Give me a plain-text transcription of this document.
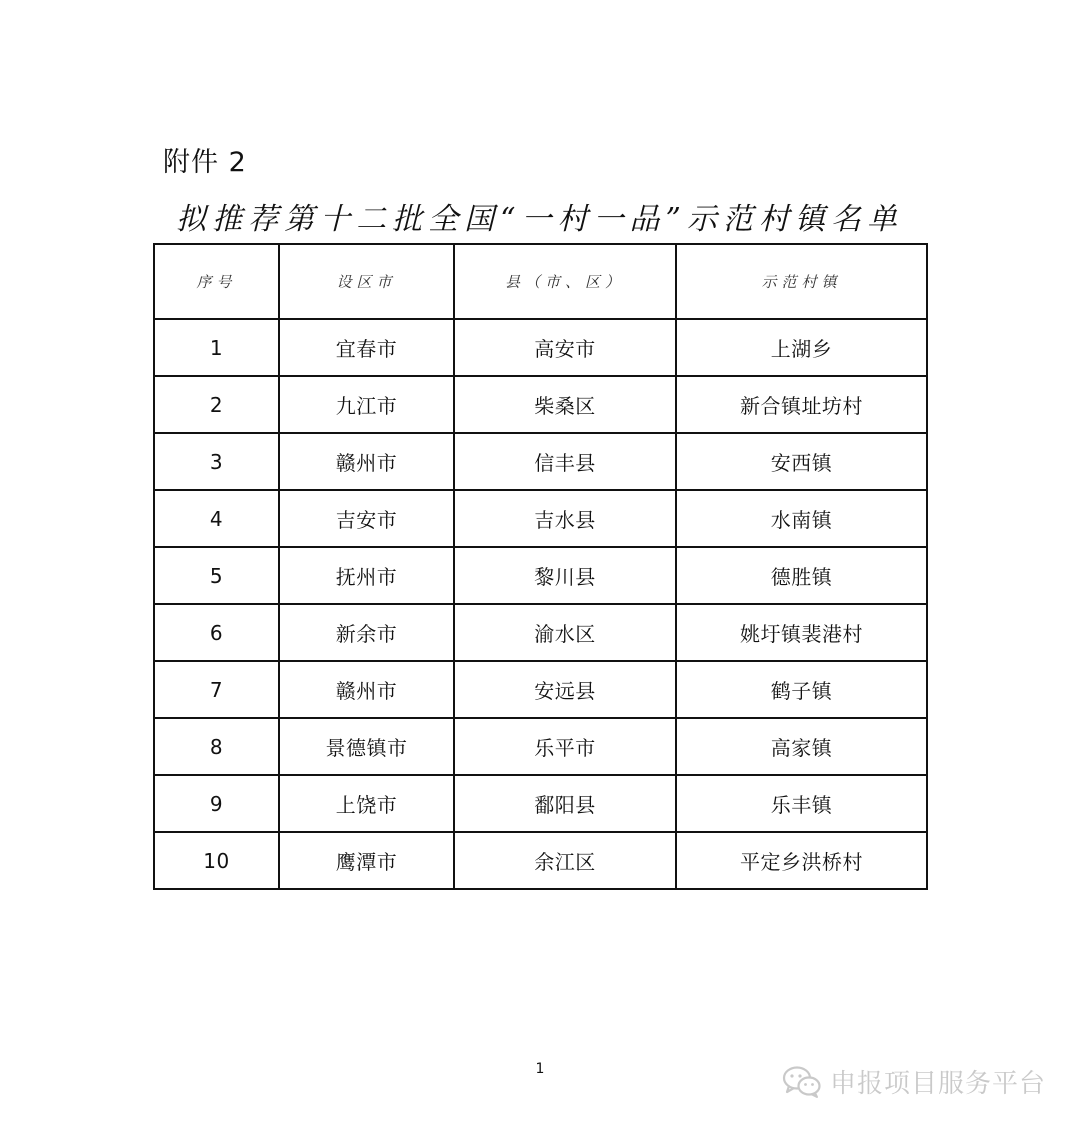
附件 2
拟推荐第十二批全国“一村一品”示范村镇名单
序号	设区市	县（市、区）	示范村镇
1	宜春市	高安市	上湖乡
2	九江市	柴桑区	新合镇址坊村
3	赣州市	信丰县	安西镇
4	吉安市	吉水县	水南镇
5	抚州市	黎川县	德胜镇
6	新余市	渝水区	姚圩镇裴港村
7	赣州市	安远县	鹤子镇
8	景德镇市	乐平市	高家镇
9	上饶市	鄱阳县	乐丰镇
10	鹰潭市	余江区	平定乡洪桥村
1	申报项目服务平台
